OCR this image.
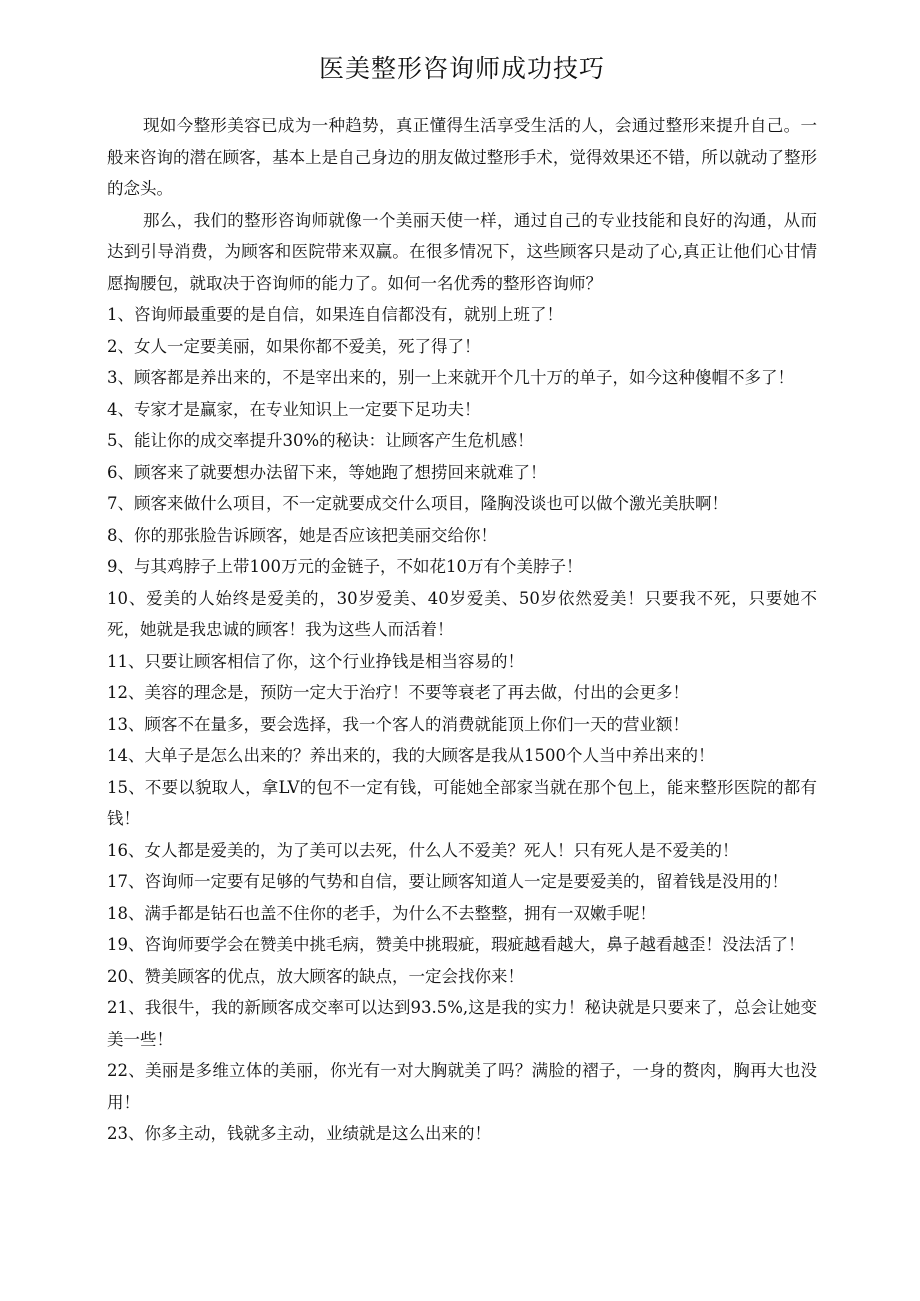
医美整形咨询师成功技巧

现如今整形美容已成为一种趋势，真正懂得生活享受生活的人，会通过整形来提升自己。一般来咨询的潜在顾客，基本上是自己身边的朋友做过整形手术，觉得效果还不错，所以就动了整形的念头。

那么，我们的整形咨询师就像一个美丽天使一样，通过自己的专业技能和良好的沟通，从而达到引导消费，为顾客和医院带来双赢。在很多情况下，这些顾客只是动了心,真正让他们心甘情愿掏腰包，就取决于咨询师的能力了。如何一名优秀的整形咨询师？

1、咨询师最重要的是自信，如果连自信都没有，就别上班了！

2、女人一定要美丽，如果你都不爱美，死了得了！

3、顾客都是养出来的，不是宰出来的，别一上来就开个几十万的单子，如今这种傻帽不多了！

4、专家才是赢家，在专业知识上一定要下足功夫！

5、能让你的成交率提升30%的秘诀：让顾客产生危机感！

6、顾客来了就要想办法留下来，等她跑了想捞回来就难了！

7、顾客来做什么项目，不一定就要成交什么项目，隆胸没谈也可以做个激光美肤啊！

8、你的那张脸告诉顾客，她是否应该把美丽交给你！

9、与其鸡脖子上带100万元的金链子，不如花10万有个美脖子！

10、爱美的人始终是爱美的，30岁爱美、40岁爱美、50岁依然爱美！只要我不死，只要她不死，她就是我忠诚的顾客！我为这些人而活着！

11、只要让顾客相信了你，这个行业挣钱是相当容易的！

12、美容的理念是，预防一定大于治疗！不要等衰老了再去做，付出的会更多！

13、顾客不在量多，要会选择，我一个客人的消费就能顶上你们一天的营业额！

14、大单子是怎么出来的？养出来的，我的大顾客是我从1500个人当中养出来的！

15、不要以貌取人，拿LV的包不一定有钱，可能她全部家当就在那个包上，能来整形医院的都有钱！

16、女人都是爱美的，为了美可以去死，什么人不爱美？死人！只有死人是不爱美的！

17、咨询师一定要有足够的气势和自信，要让顾客知道人一定是要爱美的，留着钱是没用的！

18、满手都是钻石也盖不住你的老手，为什么不去整整，拥有一双嫩手呢！

19、咨询师要学会在赞美中挑毛病，赞美中挑瑕疵，瑕疵越看越大，鼻子越看越歪！没法活了！

20、赞美顾客的优点，放大顾客的缺点，一定会找你来！

21、我很牛，我的新顾客成交率可以达到93.5%,这是我的实力！秘诀就是只要来了，总会让她变美一些！

22、美丽是多维立体的美丽，你光有一对大胸就美了吗？满脸的褶子，一身的赘肉，胸再大也没用！

23、你多主动，钱就多主动，业绩就是这么出来的！
